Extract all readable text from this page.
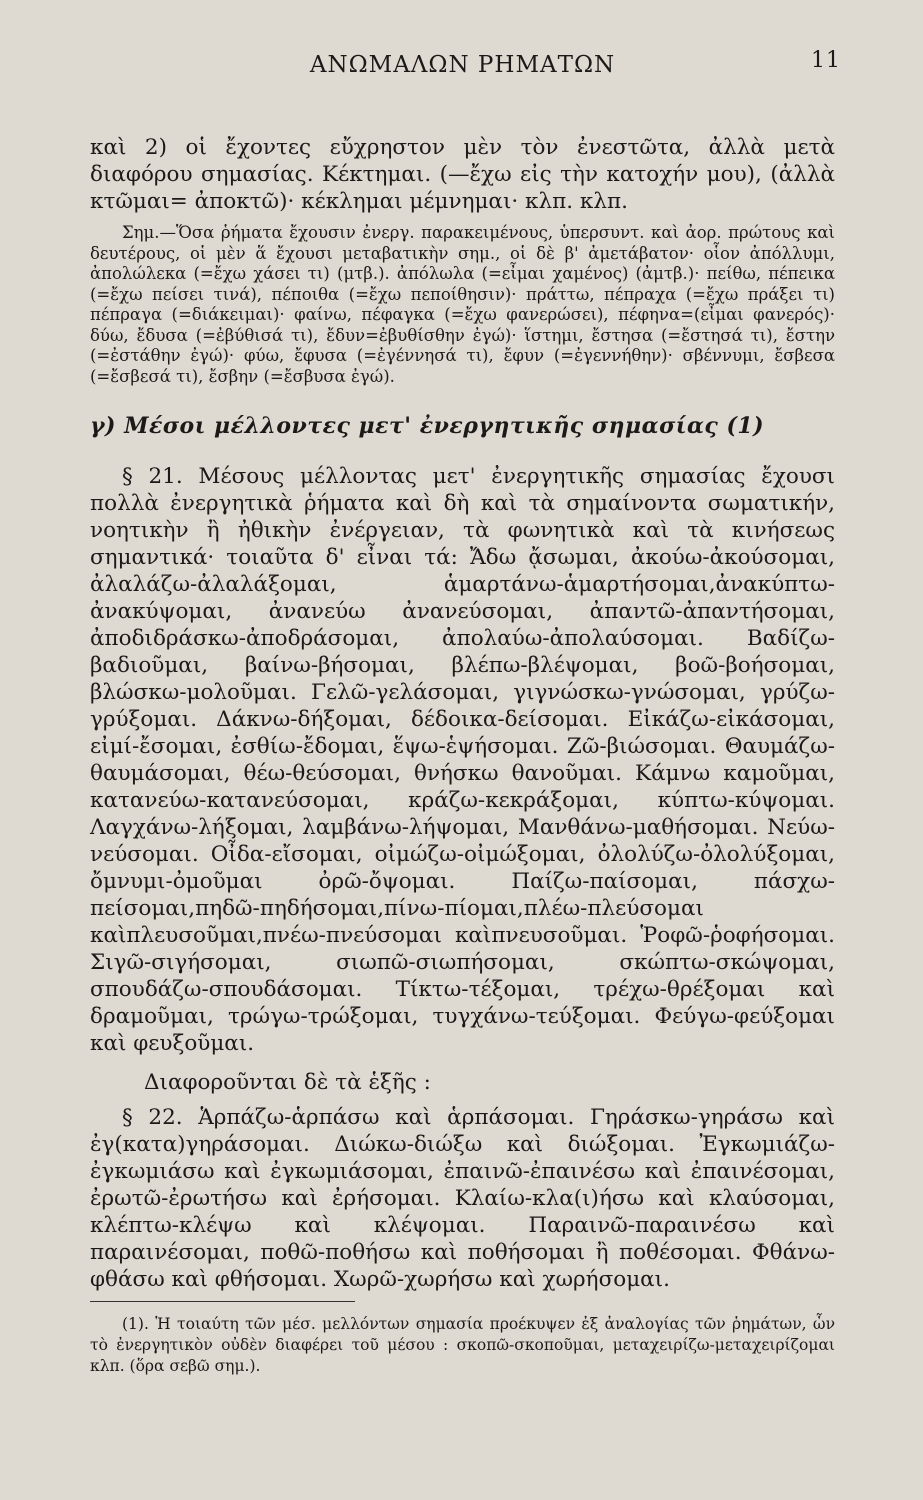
ΑΝΩΜΑΛΩΝ ΡΗΜΑΤΩΝ	11

καὶ 2) οἱ ἔχοντες εὔχρηστον μὲν τὸν ἐνεστῶτα, ἀλλὰ μετὰ διαφόρου σημασίας. Κέκτημαι. (—ἔχω εἰς τὴν κατοχήν μου), (ἀλλὰ κτῶμαι= ἀποκτῶ)· κέκλημαι μέμνημαι· κλπ. κλπ.

Σημ.—Ὅσα ῥήματα ἔχουσιν ἐνεργ. παρακειμένους, ὑπερσυντ. καὶ ἀορ. πρώτους καὶ δευτέρους, οἱ μὲν ἅ ἔχουσι μεταβατικὴν σημ., οἱ δὲ β' ἀμετάβατον· οἷον ἀπόλλυμι, ἀπολώλεκα (=ἔχω χάσει τι) (μτβ.). ἀπόλωλα (=εἶμαι χαμένος) (ἀμτβ.)· πείθω, πέπεικα (=ἔχω πείσει τινά), πέποιθα (=ἔχω πεποίθησιν)· πράττω, πέπραχα (=ἔχω πράξει τι) πέπραγα (=διάκειμαι)· φαίνω, πέφαγκα (=ἔχω φανερώσει), πέφηνα=(εἶμαι φανερός)· δύω, ἔδυσα (=ἐβύθισά τι), ἔδυν=ἐβυθίσθην ἐγώ)· ἵστημι, ἔστησα (=ἔστησά τι), ἔστην (=ἐστάθην ἐγώ)· φύω, ἔφυσα (=ἐγέννησά τι), ἔφυν (=ἐγεννήθην)· σβέννυμι, ἔσβεσα (=ἔσβεσά τι), ἔσβην (=ἔσβυσα ἐγώ).

γ) Μέσοι μέλλοντες μετ' ἐνεργητικῆς σημασίας (1)

§ 21. Μέσους μέλλοντας μετ' ἐνεργητικῆς σημασίας ἔχουσι πολλὰ ἐνεργητικὰ ῥήματα καὶ δὴ καὶ τὰ σημαίνοντα σωματικήν, νοητικὴν ἢ ἠθικὴν ἐνέργειαν, τὰ φωνητικὰ καὶ τὰ κινήσεως σημαντικά· τοιαῦτα δ' εἶναι τά: Ἄδω ᾄσωμαι, ἀκούω-ἀκούσομαι, ἀλαλάζω-ἀλαλάξομαι, ἁμαρτάνω-ἁμαρτήσομαι,ἀνακύπτω-ἀνακύψομαι, ἀνανεύω ἀνανεύσομαι, ἀπαντῶ-ἀπαντήσομαι, ἀποδιδράσκω-ἀποδράσομαι, ἀπολαύω-ἀπολαύσομαι. Βαδίζω-βαδιοῦμαι, βαίνω-βήσομαι, βλέπω-βλέψομαι, βοῶ-βοήσομαι, βλώσκω-μολοῦμαι. Γελῶ-γελάσομαι, γιγνώσκω-γνώσομαι, γρύζω-γρύξομαι. Δάκνω-δήξομαι, δέδοικα-δείσομαι. Εἰκάζω-εἰκάσομαι, εἰμί-ἔσομαι, ἐσθίω-ἔδομαι, ἕψω-ἑψήσομαι. Ζῶ-βιώσομαι. Θαυμάζω-θαυμάσομαι, θέω-θεύσομαι, θνήσκω θανοῦμαι. Κάμνω καμοῦμαι, κατανεύω-κατανεύσομαι, κράζω-κεκράξομαι, κύπτω-κύψομαι. Λαγχάνω-λήξομαι, λαμβάνω-λήψομαι, Μανθάνω-μαθήσομαι. Νεύω-νεύσομαι. Οἶδα-εἴσομαι, οἰμώζω-οἰμώξομαι, ὀλολύζω-ὀλολύξομαι, ὄμνυμι-ὀμοῦμαι ὀρῶ-ὄψομαι. Παίζω-παίσομαι, πάσχω-πείσομαι,πηδῶ-πηδήσομαι,πίνω-πίομαι,πλέω-πλεύσομαι καὶπλευσοῦμαι,πνέω-πνεύσομαι καὶπνευσοῦμαι. Ῥοφῶ-ῥοφήσομαι. Σιγῶ-σιγήσομαι, σιωπῶ-σιωπήσομαι, σκώπτω-σκώψομαι, σπουδάζω-σπουδάσομαι. Τίκτω-τέξομαι, τρέχω-θρέξομαι καὶ δραμοῦμαι, τρώγω-τρώξομαι, τυγχάνω-τεύξομαι. Φεύγω-φεύξομαι καὶ φευξοῦμαι.

Διαφοροῦνται δὲ τὰ ἑξῆς :

§ 22. Ἁρπάζω-ἁρπάσω καὶ ἁρπάσομαι. Γηράσκω-γηράσω καὶ ἐγ(κατα)γηράσομαι. Διώκω-διώξω καὶ διώξομαι. Ἐγκωμιάζω-ἐγκωμιάσω καὶ ἐγκωμιάσομαι, ἐπαινῶ-ἐπαινέσω καὶ ἐπαινέσομαι, ἐρωτῶ-ἐρωτήσω καὶ ἐρήσομαι. Κλαίω-κλα(ι)ήσω καὶ κλαύσομαι, κλέπτω-κλέψω καὶ κλέψομαι. Παραινῶ-παραινέσω καὶ παραινέσομαι, ποθῶ-ποθήσω καὶ ποθήσομαι ἢ ποθέσομαι. Φθάνω-φθάσω καὶ φθήσομαι. Χωρῶ-χωρήσω καὶ χωρήσομαι.

(1). Ἡ τοιαύτη τῶν μέσ. μελλόντων σημασία προέκυψεν ἐξ ἀναλογίας τῶν ῥημάτων, ὧν τὸ ἐνεργητικὸν οὐδὲν διαφέρει τοῦ μέσου : σκοπῶ-σκοποῦμαι, μεταχειρίζω-μεταχειρίζομαι κλπ. (ὅρα σεβῶ σημ.).
